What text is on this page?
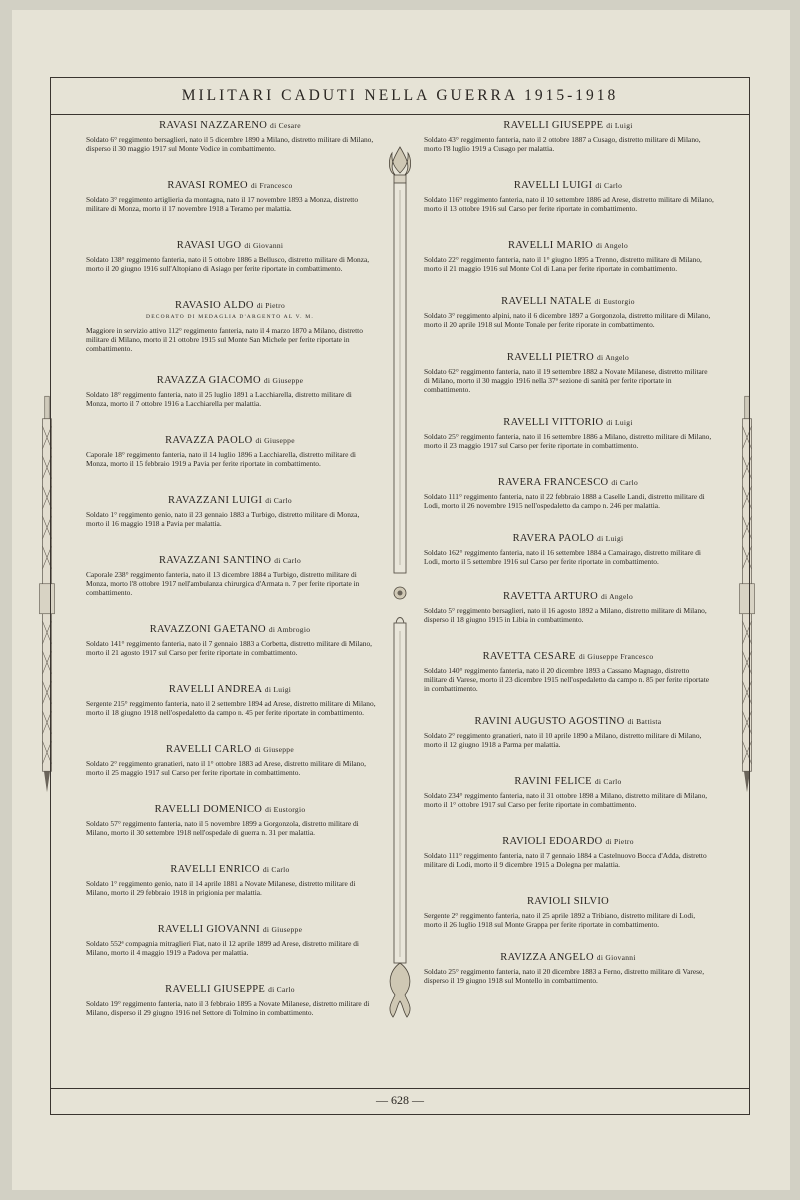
MILITARI CADUTI NELLA GUERRA 1915-1918
RAVASI NAZZARENO di Cesare

Soldato 6° reggimento bersaglieri, nato il 5 dicembre 1890 a Milano, distretto militare di Milano, disperso il 30 maggio 1917 sul Monte Vodice in combattimento.

RAVASI ROMEO di Francesco

Soldato 3° reggimento artiglieria da montagna, nato il 17 novembre 1893 a Monza, distretto militare di Monza, morto il 17 novembre 1918 a Teramo per malattia.

RAVASI UGO di Giovanni

Soldato 138° reggimento fanteria, nato il 5 ottobre 1886 a Bellusco, distretto militare di Monza, morto il 20 giugno 1916 sull'Altopiano di Asiago per ferite riportate in combattimento.

RAVASIO ALDO di Pietro
DECORATO DI MEDAGLIA D'ARGENTO AL V. M.

Maggiore in servizio attivo 112° reggimento fanteria, nato il 4 marzo 1870 a Milano, distretto militare di Milano, morto il 21 ottobre 1915 sul Monte San Michele per ferite riportate in combattimento.

RAVAZZA GIACOMO di Giuseppe

Soldato 18° reggimento fanteria, nato il 25 luglio 1891 a Lacchiarella, distretto militare di Monza, morto il 7 ottobre 1916 a Lacchiarella per malattia.

RAVAZZA PAOLO di Giuseppe

Caporale 18° reggimento fanteria, nato il 14 luglio 1896 a Lacchiarella, distretto militare di Monza, morto il 15 febbraio 1919 a Pavia per ferite riportate in combattimento.

RAVAZZANI LUIGI di Carlo

Soldato 1° reggimento genio, nato il 23 gennaio 1883 a Turbigo, distretto militare di Monza, morto il 16 maggio 1918 a Pavia per malattia.

RAVAZZANI SANTINO di Carlo

Caporale 238° reggimento fanteria, nato il 13 dicembre 1884 a Turbigo, distretto militare di Monza, morto l'8 ottobre 1917 nell'ambulanza chirurgica d'Armata n. 7 per ferite riportate in combattimento.

RAVAZZONI GAETANO di Ambrogio

Soldato 141° reggimento fanteria, nato il 7 gennaio 1883 a Corbetta, distretto militare di Milano, morto il 21 agosto 1917 sul Carso per ferite riportate in combattimento.

RAVELLI ANDREA di Luigi

Sergente 215° reggimento fanteria, nato il 2 settembre 1894 ad Arese, distretto militare di Milano, morto il 18 giugno 1918 nell'ospedaletto da campo n. 45 per ferite riportate in combattimento.

RAVELLI CARLO di Giuseppe

Soldato 2° reggimento granatieri, nato il 1° ottobre 1883 ad Arese, distretto militare di Milano, morto il 25 maggio 1917 sul Carso per ferite riportate in combattimento.

RAVELLI DOMENICO di Eustorgio

Soldato 57° reggimento fanteria, nato il 5 novembre 1899 a Gorgonzola, distretto militare di Milano, morto il 30 settembre 1918 nell'ospedale di guerra n. 31 per malattia.

RAVELLI ENRICO di Carlo

Soldato 1° reggimento genio, nato il 14 aprile 1881 a Novate Milanese, distretto militare di Milano, morto il 29 febbraio 1918 in prigionia per malattia.

RAVELLI GIOVANNI di Giuseppe

Soldato 552ª compagnia mitraglieri Fiat, nato il 12 aprile 1899 ad Arese, distretto militare di Milano, morto il 4 maggio 1919 a Padova per malattia.

RAVELLI GIUSEPPE di Carlo

Soldato 19° reggimento fanteria, nato il 3 febbraio 1895 a Novate Milanese, distretto militare di Milano, disperso il 29 giugno 1916 nel Settore di Tolmino in combattimento.

RAVELLI GIUSEPPE di Luigi

Soldato 43° reggimento fanteria, nato il 2 ottobre 1887 a Cusago, distretto militare di Milano, morto l'8 luglio 1919 a Cusago per malattia.

RAVELLI LUIGI di Carlo

Soldato 116° reggimento fanteria, nato il 10 settembre 1886 ad Arese, distretto militare di Milano, morto il 13 ottobre 1916 sul Carso per ferite riportate in combattimento.

RAVELLI MARIO di Angelo

Soldato 22° reggimento fanteria, nato il 1° giugno 1895 a Trenno, distretto militare di Milano, morto il 21 maggio 1916 sul Monte Col di Lana per ferite riportate in combattimento.

RAVELLI NATALE di Eustorgio

Soldato 3° reggimento alpini, nato il 6 dicembre 1897 a Gorgonzola, distretto militare di Milano, morto il 20 aprile 1918 sul Monte Tonale per ferite riporate in combattimento.

RAVELLI PIETRO di Angelo

Soldato 62° reggimento fanteria, nato il 19 settembre 1882 a Novate Milanese, distretto militare di Milano, morto il 30 maggio 1916 nella 37ª sezione di sanità per ferite riportate in combattimento.

RAVELLI VITTORIO di Luigi

Soldato 25° reggimento fanteria, nato il 16 settembre 1886 a Milano, distretto militare di Milano, morto il 23 maggio 1917 sul Carso per ferite riportate in combattimento.

RAVERA FRANCESCO di Carlo

Soldato 111° reggimento fanteria, nato il 22 febbraio 1888 a Caselle Landi, distretto militare di Lodi, morto il 26 novembre 1915 nell'ospedaletto da campo n. 246 per malattia.

RAVERA PAOLO di Luigi

Soldato 162° reggimento fanteria, nato il 16 settembre 1884 a Camairago, distretto militare di Lodi, morto il 5 settembre 1916 sul Carso per ferite riportate in combattimento.

RAVETTA ARTURO di Angelo

Soldato 5° reggimento bersaglieri, nato il 16 agosto 1892 a Milano, distretto militare di Milano, disperso il 18 giugno 1915 in Libia in combattimento.

RAVETTA CESARE di Giuseppe Francesco

Soldato 140° reggimento fanteria, nato il 20 dicembre 1893 a Cassano Magnago, distretto militare di Varese, morto il 23 dicembre 1915 nell'ospedaletto da campo n. 85 per ferite riportate in combattimento.

RAVINI AUGUSTO AGOSTINO di Battista

Soldato 2° reggimento granatieri, nato il 10 aprile 1890 a Milano, distretto militare di Milano, morto il 12 giugno 1918 a Parma per malattia.

RAVINI FELICE di Carlo

Soldato 234° reggimento fanteria, nato il 31 ottobre 1898 a Milano, distretto militare di Milano, morto il 1° ottobre 1917 sul Carso per ferite riportate in combattimento.

RAVIOLI EDOARDO di Pietro

Soldato 111° reggimento fanteria, nato il 7 gennaio 1884 a Castelnuovo Bocca d'Adda, distretto militare di Lodi, morto il 9 dicembre 1915 a Dolegna per malattia.

RAVIOLI SILVIO

Sergente 2° reggimento fanteria, nato il 25 aprile 1892 a Tribiano, distretto militare di Lodi, morto il 26 luglio 1918 sul Monte Grappa per ferite riportate in combattimento.

RAVIZZA ANGELO di Giovanni

Soldato 25° reggimento fanteria, nato il 20 dicembre 1883 a Ferno, distretto militare di Varese, disperso il 19 giugno 1918 sul Montello in combattimento.

— 628 —
